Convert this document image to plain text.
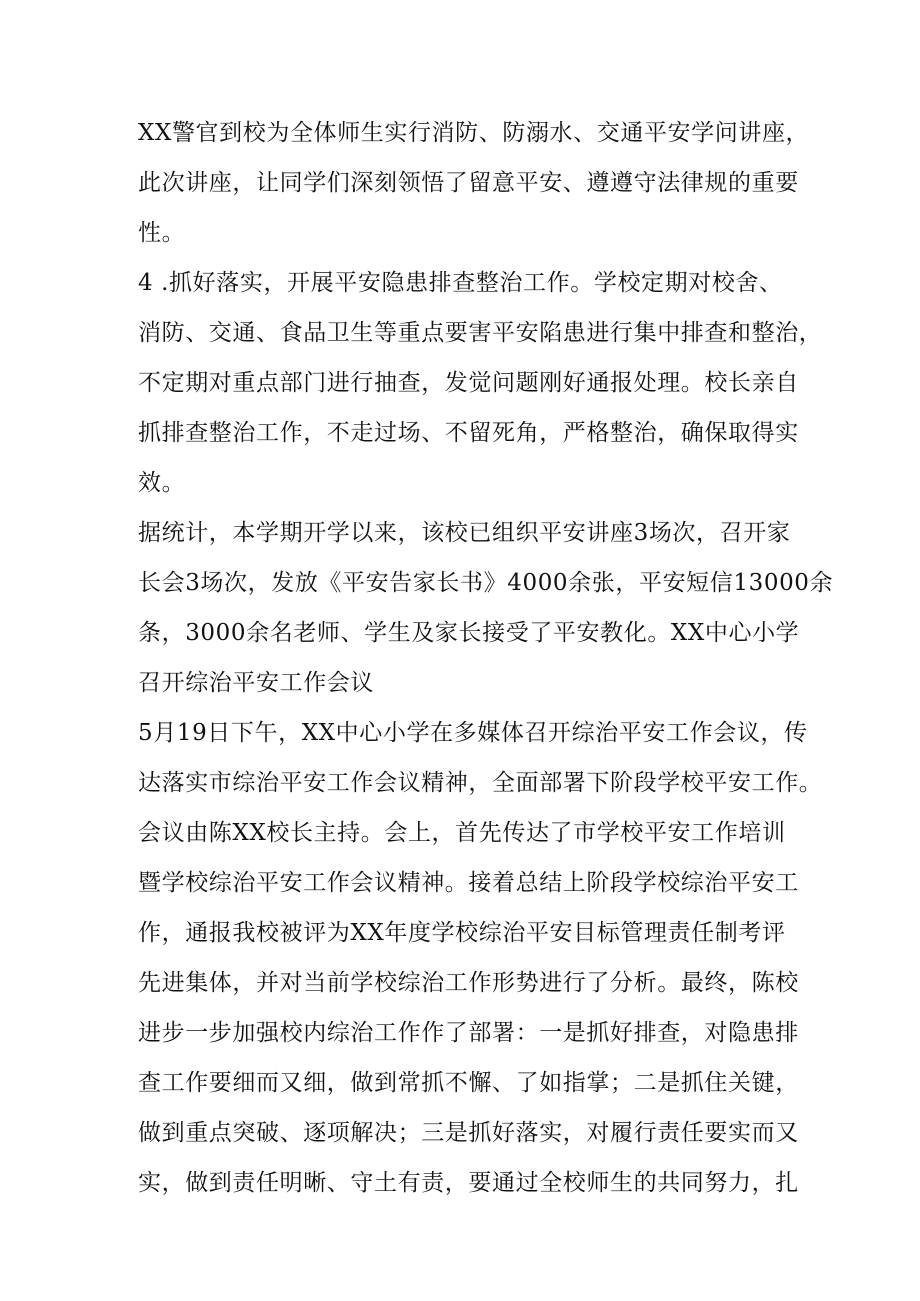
XX警官到校为全体师生实行消防、防溺水、交通平安学问讲座，
此次讲座，让同学们深刻领悟了留意平安、遵遵守法律规的重要
性。
4 .抓好落实，开展平安隐患排查整治工作。学校定期对校舍、
消防、交通、食品卫生等重点要害平安陷患进行集中排查和整治，
不定期对重点部门进行抽查，发觉问题刚好通报处理。校长亲自
抓排查整治工作，不走过场、不留死角，严格整治，确保取得实
效。
据统计，本学期开学以来，该校已组织平安讲座3场次，召开家
长会3场次，发放《平安告家长书》4000余张，平安短信13000余
条，3000余名老师、学生及家长接受了平安教化。XX中心小学
召开综治平安工作会议
5月19日下午，XX中心小学在多媒体召开综治平安工作会议，传
达落实市综治平安工作会议精神，全面部署下阶段学校平安工作。
会议由陈XX校长主持。会上，首先传达了市学校平安工作培训
暨学校综治平安工作会议精神。接着总结上阶段学校综治平安工
作，通报我校被评为XX年度学校综治平安目标管理责任制考评
先进集体，并对当前学校综治工作形势进行了分析。最终，陈校
进步一步加强校内综治工作作了部署：一是抓好排查，对隐患排
查工作要细而又细，做到常抓不懈、了如指掌；二是抓住关键，
做到重点突破、逐项解决；三是抓好落实，对履行责任要实而又
实，做到责任明晰、守土有责，要通过全校师生的共同努力，扎
